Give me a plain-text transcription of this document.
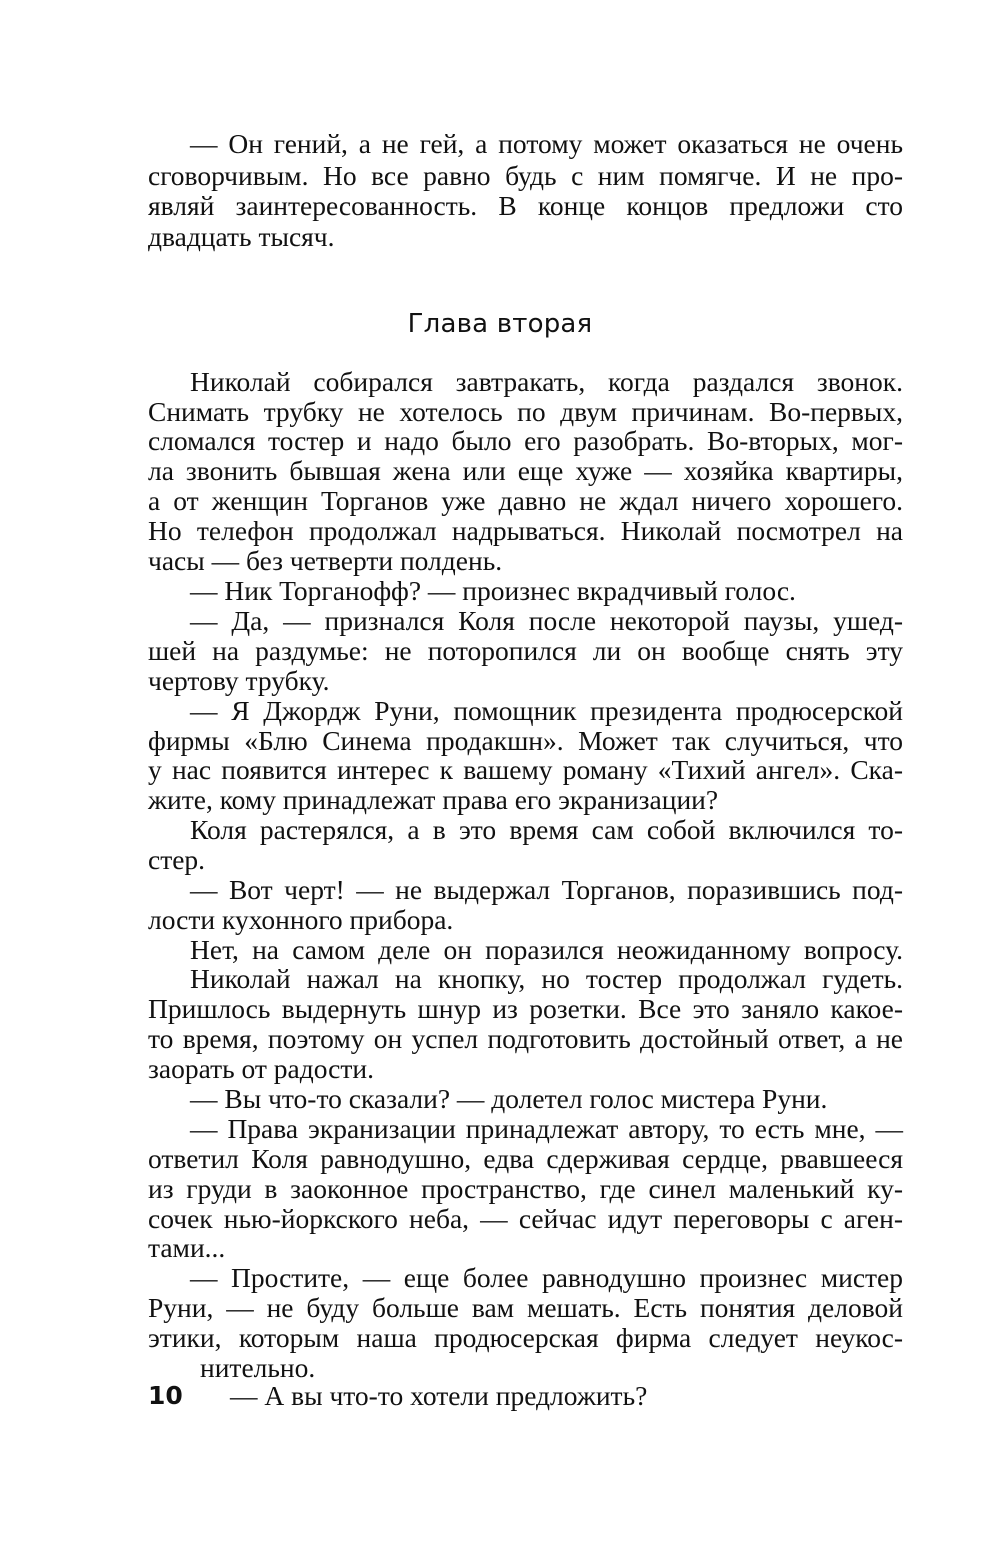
— Он гений, а не гей, а потому может оказаться не очень
сговорчивым. Но все равно будь с ним помягче. И не про-
являй заинтересованность. В конце концов предложи сто
двадцать тысяч.
Глава вторая
Николай собирался завтракать, когда раздался звонок.
Снимать трубку не хотелось по двум причинам. Во-первых,
сломался тостер и надо было его разобрать. Во-вторых, мог-
ла звонить бывшая жена или еще хуже — хозяйка квартиры,
а от женщин Торганов уже давно не ждал ничего хорошего.
Но телефон продолжал надрываться. Николай посмотрел на
часы — без четверти полдень.
— Ник Торганофф? — произнес вкрадчивый голос.
— Да, — признался Коля после некоторой паузы, ушед-
шей на раздумье: не поторопился ли он вообще снять эту
чертову трубку.
— Я Джордж Руни, помощник президента продюсерской
фирмы «Блю Синема продакшн». Может так случиться, что
у нас появится интерес к вашему роману «Тихий ангел». Ска-
жите, кому принадлежат права его экранизации?
Коля растерялся, а в это время сам собой включился то-
стер.
— Вот черт! — не выдержал Торганов, поразившись под-
лости кухонного прибора.
Нет, на самом деле он поразился неожиданному вопросу.
Николай нажал на кнопку, но тостер продолжал гудеть.
Пришлось выдернуть шнур из розетки. Все это заняло какое-
то время, поэтому он успел подготовить достойный ответ, а не
заорать от радости.
— Вы что-то сказали? — долетел голос мистера Руни.
— Права экранизации принадлежат автору, то есть мне, —
ответил Коля равнодушно, едва сдерживая сердце, рвавшееся
из груди в заоконное пространство, где синел маленький ку-
сочек нью-йоркского неба, — сейчас идут переговоры с аген-
тами...
— Простите, — еще более равнодушно произнес мистер
Руни, — не буду больше вам мешать. Есть понятия деловой
этики, которым наша продюсерская фирма следует неукос-
нительно.
10 — А вы что-то хотели предложить?
